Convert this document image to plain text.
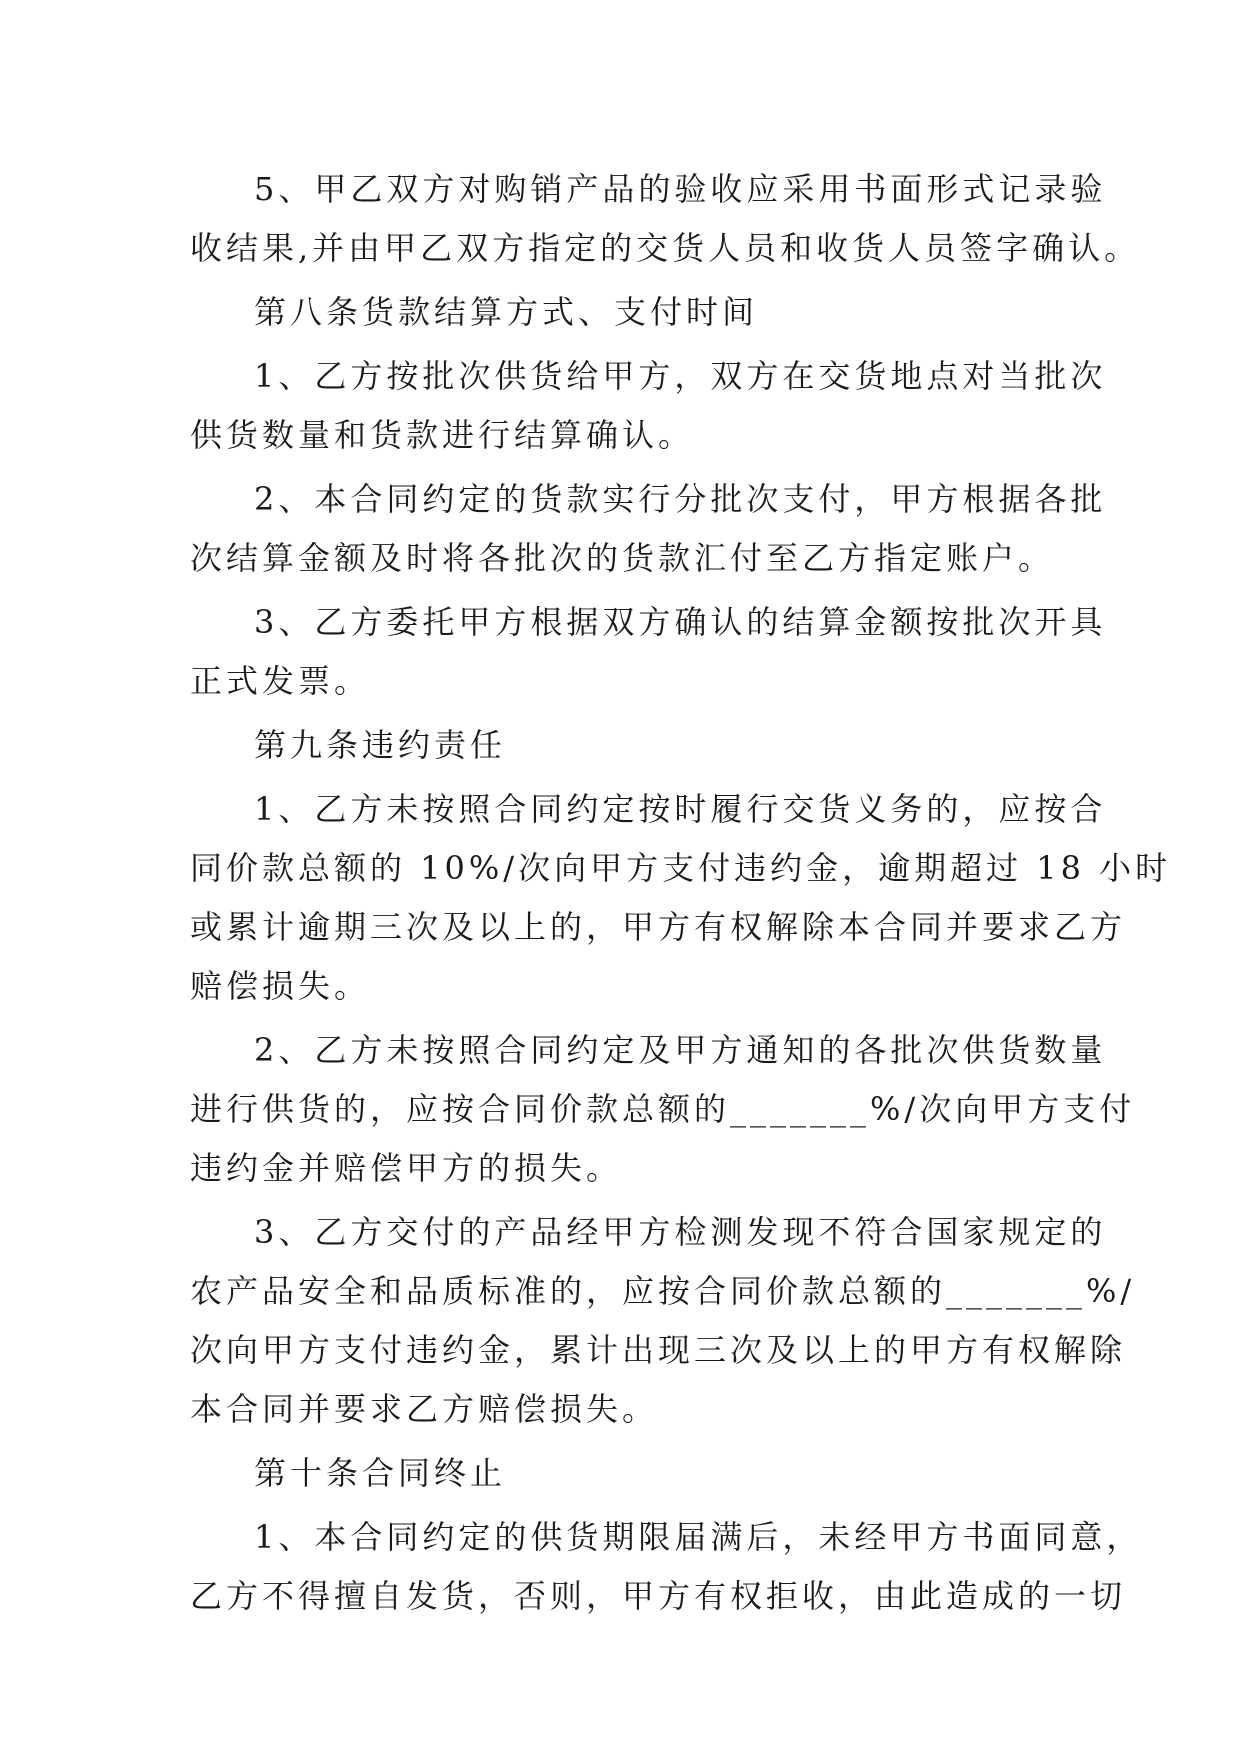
5、甲乙双方对购销产品的验收应采用书面形式记录验
收结果,并由甲乙双方指定的交货人员和收货人员签字确认。
第八条货款结算方式、支付时间
1、乙方按批次供货给甲方，双方在交货地点对当批次
供货数量和货款进行结算确认。
2、本合同约定的货款实行分批次支付，甲方根据各批
次结算金额及时将各批次的货款汇付至乙方指定账户。
3、乙方委托甲方根据双方确认的结算金额按批次开具
正式发票。
第九条违约责任
1、乙方未按照合同约定按时履行交货义务的，应按合
同价款总额的 10%/次向甲方支付违约金，逾期超过 18 小时
或累计逾期三次及以上的，甲方有权解除本合同并要求乙方
赔偿损失。
2、乙方未按照合同约定及甲方通知的各批次供货数量
进行供货的，应按合同价款总额的_______%/次向甲方支付
违约金并赔偿甲方的损失。
3、乙方交付的产品经甲方检测发现不符合国家规定的
农产品安全和品质标准的，应按合同价款总额的_______%/
次向甲方支付违约金，累计出现三次及以上的甲方有权解除
本合同并要求乙方赔偿损失。
第十条合同终止
1、本合同约定的供货期限届满后，未经甲方书面同意，
乙方不得擅自发货，否则，甲方有权拒收，由此造成的一切
